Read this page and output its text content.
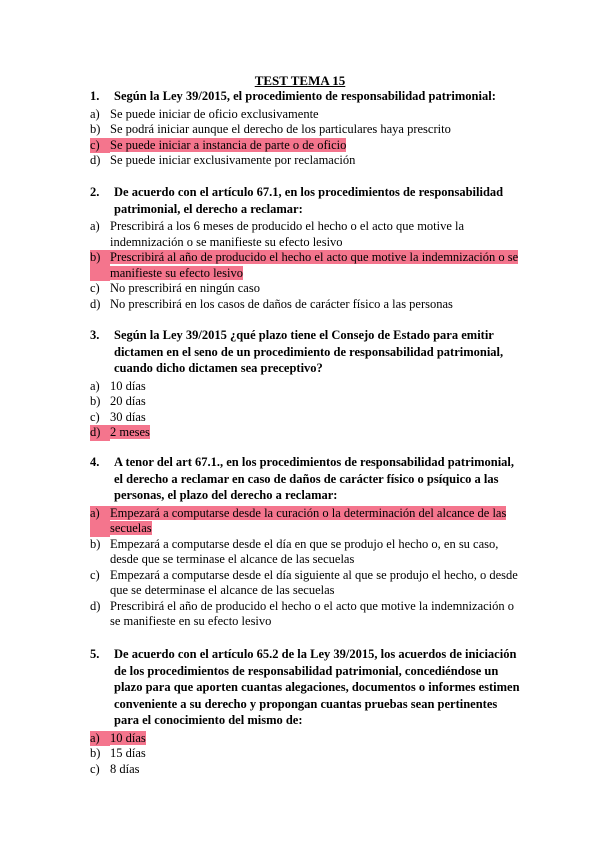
TEST TEMA 15
1.	Según la Ley 39/2015, el procedimiento de responsabilidad patrimonial:
a) Se puede iniciar de oficio exclusivamente
b) Se podrá iniciar aunque el derecho de los particulares haya prescrito
c) Se puede iniciar a instancia de parte o de oficio
d) Se puede iniciar exclusivamente por reclamación
2.	De acuerdo con el artículo 67.1, en los procedimientos de responsabilidad patrimonial, el derecho a reclamar:
a) Prescribirá a los 6 meses de producido el hecho o el acto que motive la indemnización o se manifieste su efecto lesivo
b) Prescribirá al año de producido el hecho el acto que motive la indemnización o se manifieste su efecto lesivo
c) No prescribirá en ningún caso
d) No prescribirá en los casos de daños de carácter físico a las personas
3.	Según la Ley 39/2015 ¿qué plazo tiene el Consejo de Estado para emitir dictamen en el seno de un procedimiento de responsabilidad patrimonial, cuando dicho dictamen sea preceptivo?
a) 10 días
b) 20 días
c) 30 días
d) 2 meses
4.	A tenor del art 67.1., en los procedimientos de responsabilidad patrimonial, el derecho a reclamar en caso de daños de carácter físico o psíquico a las personas, el plazo del derecho a reclamar:
a) Empezará a computarse desde la curación o la determinación del alcance de las secuelas
b) Empezará a computarse desde el día en que se produjo el hecho o, en su caso, desde que se terminase el alcance de las secuelas
c) Empezará a computarse desde el día siguiente al que se produjo el hecho, o desde que se determinase el alcance de las secuelas
d) Prescribirá el año de producido el hecho o el acto que motive la indemnización o se manifieste en su efecto lesivo
5.	De acuerdo con el artículo 65.2 de la Ley 39/2015, los acuerdos de iniciación de los procedimientos de responsabilidad patrimonial, concediéndose un plazo para que aporten cuantas alegaciones, documentos o informes estimen conveniente a su derecho y propongan cuantas pruebas sean pertinentes para el conocimiento del mismo de:
a) 10 días
b) 15 días
c) 8 días
